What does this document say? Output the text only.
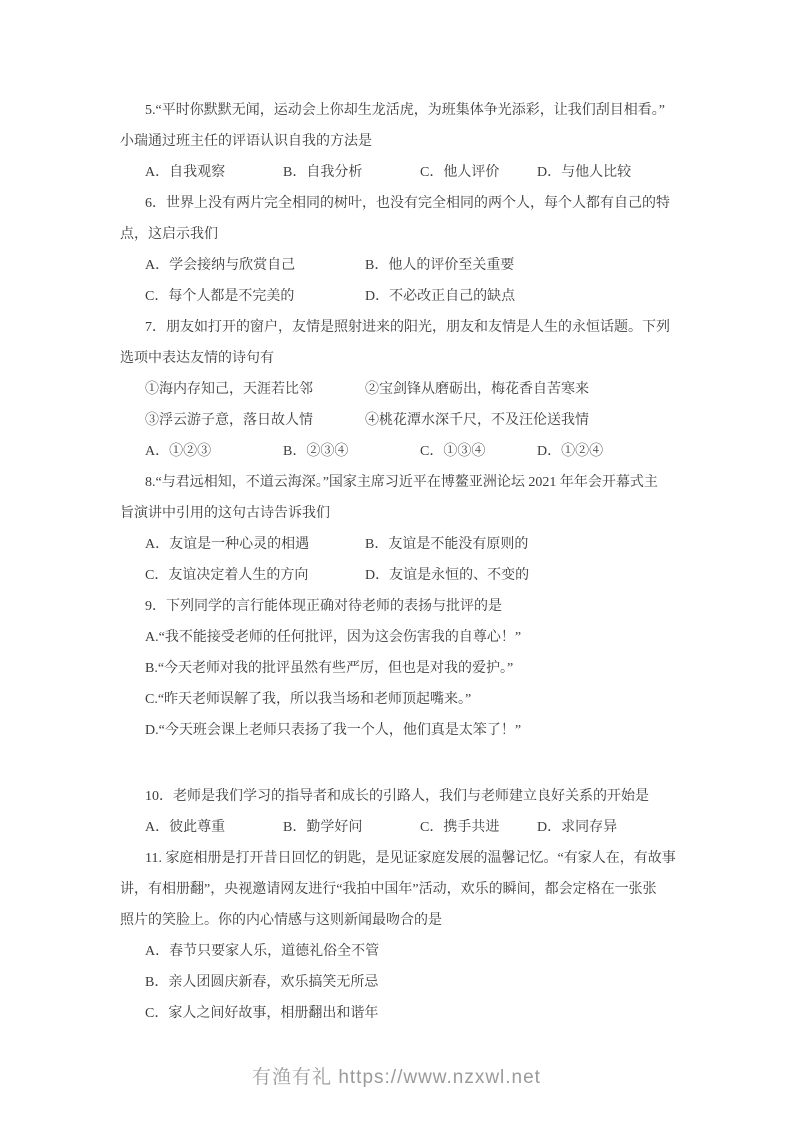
5.“平时你默默无闻，运动会上你却生龙活虎，为班集体争光添彩，让我们刮目相看。”
小瑞通过班主任的评语认识自我的方法是
A．自我观察	B．自我分析	C．他人评价	D．与他人比较
6．世界上没有两片完全相同的树叶，也没有完全相同的两个人，每个人都有自己的特
点，这启示我们
A．学会接纳与欣赏自己	B．他人的评价至关重要
C．每个人都是不完美的	D．不必改正自己的缺点
7．朋友如打开的窗户，友情是照射进来的阳光，朋友和友情是人生的永恒话题。下列
选项中表达友情的诗句有
①海内存知己，天涯若比邻	②宝剑锋从磨砺出，梅花香自苦寒来
③浮云游子意，落日故人情	④桃花潭水深千尺，不及汪伦送我情
A．①②③	B．②③④	C．①③④	D．①②④
8.“与君远相知，不道云海深。”国家主席习近平在博鳌亚洲论坛 2021 年年会开幕式主
旨演讲中引用的这句古诗告诉我们
A．友谊是一种心灵的相遇	B．友谊是不能没有原则的
C．友谊决定着人生的方向	D．友谊是永恒的、不变的
9．下列同学的言行能体现正确对待老师的表扬与批评的是
A.“我不能接受老师的任何批评，因为这会伤害我的自尊心！”
B.“今天老师对我的批评虽然有些严厉，但也是对我的爱护。”
C.“昨天老师误解了我，所以我当场和老师顶起嘴来。”
D.“今天班会课上老师只表扬了我一个人，他们真是太笨了！”
10．老师是我们学习的指导者和成长的引路人，我们与老师建立良好关系的开始是
A．彼此尊重	B．勤学好问	C．携手共进	D．求同存异
11. 家庭相册是打开昔日回忆的钥匙，是见证家庭发展的温馨记忆。“有家人在，有故事
讲，有相册翻”，央视邀请网友进行“我拍中国年”活动，欢乐的瞬间，都会定格在一张张
照片的笑脸上。你的内心情感与这则新闻最吻合的是
A．春节只要家人乐，道德礼俗全不管
B．亲人团圆庆新春，欢乐搞笑无所忌
C．家人之间好故事，相册翻出和谐年
有渔有礼 https://www.nzxwl.net
